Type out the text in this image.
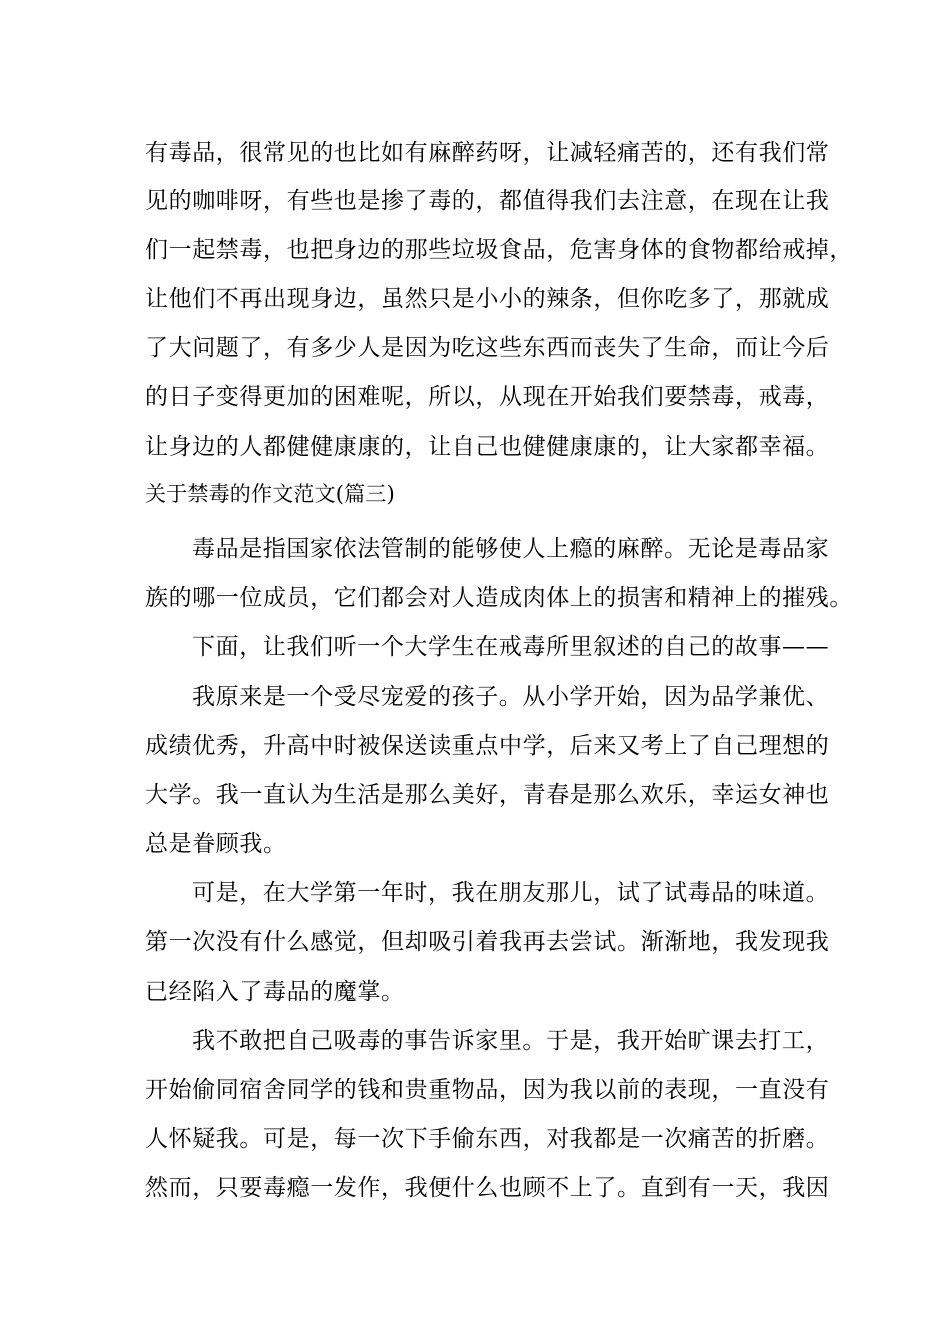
有毒品，很常见的也比如有麻醉药呀，让减轻痛苦的，还有我们常
见的咖啡呀，有些也是掺了毒的，都值得我们去注意，在现在让我
们一起禁毒，也把身边的那些垃圾食品，危害身体的食物都给戒掉，
让他们不再出现身边，虽然只是小小的辣条，但你吃多了，那就成
了大问题了，有多少人是因为吃这些东西而丧失了生命，而让今后
的日子变得更加的困难呢，所以，从现在开始我们要禁毒，戒毒，
让身边的人都健健康康的，让自己也健健康康的，让大家都幸福。
关于禁毒的作文范文(篇三)
毒品是指国家依法管制的能够使人上瘾的麻醉。无论是毒品家
族的哪一位成员，它们都会对人造成肉体上的损害和精神上的摧残。
下面，让我们听一个大学生在戒毒所里叙述的自己的故事——
我原来是一个受尽宠爱的孩子。从小学开始，因为品学兼优、
成绩优秀，升高中时被保送读重点中学，后来又考上了自己理想的
大学。我一直认为生活是那么美好，青春是那么欢乐，幸运女神也
总是眷顾我。
可是，在大学第一年时，我在朋友那儿，试了试毒品的味道。
第一次没有什么感觉，但却吸引着我再去尝试。渐渐地，我发现我
已经陷入了毒品的魔掌。
我不敢把自己吸毒的事告诉家里。于是，我开始旷课去打工，
开始偷同宿舍同学的钱和贵重物品，因为我以前的表现，一直没有
人怀疑我。可是，每一次下手偷东西，对我都是一次痛苦的折磨。
然而，只要毒瘾一发作，我便什么也顾不上了。直到有一天，我因
